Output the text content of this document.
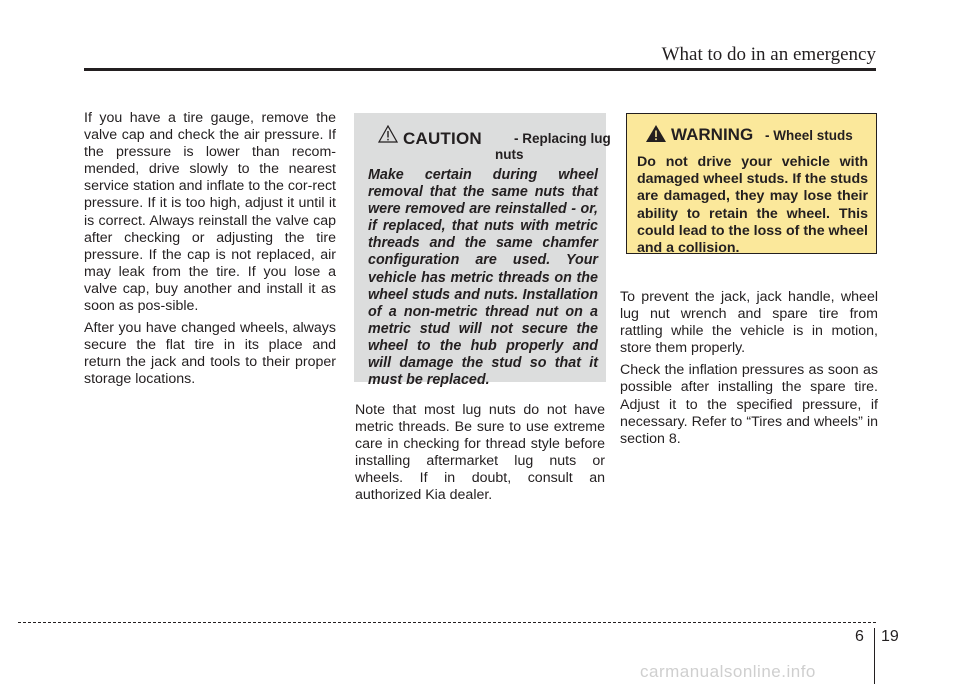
What to do in an emergency

If you have a tire gauge, remove the valve cap and check the air pressure. If the pressure is lower than recom-mended, drive slowly to the nearest service station and inflate to the cor-rect pressure. If it is too high, adjust it until it is correct. Always reinstall the valve cap after checking or adjusting the tire pressure. If the cap is not replaced, air may leak from the tire. If you lose a valve cap, buy another and install it as soon as pos-sible.

After you have changed wheels, always secure the flat tire in its place and return the jack and tools to their proper storage locations.

CAUTION - Replacing lug
nuts
Make certain during wheel removal that the same nuts that were removed are reinstalled - or, if replaced, that nuts with metric threads and the same chamfer configuration are used. Your vehicle has metric threads on the wheel studs and nuts. Installation of a non-metric thread nut on a metric stud will not secure the wheel to the hub properly and will damage the stud so that it must be replaced.

Note that most lug nuts do not have metric threads. Be sure to use extreme care in checking for thread style before installing aftermarket lug nuts or wheels. If in doubt, consult an authorized Kia dealer.

WARNING - Wheel studs
Do not drive your vehicle with damaged wheel studs. If the studs are damaged, they may lose their ability to retain the wheel. This could lead to the loss of the wheel and a collision.

To prevent the jack, jack handle, wheel lug nut wrench and spare tire from rattling while the vehicle is in motion, store them properly.

Check the inflation pressures as soon as possible after installing the spare tire. Adjust it to the specified pressure, if necessary. Refer to “Tires and wheels” in section 8.

6 19
carmanualsonline.info
